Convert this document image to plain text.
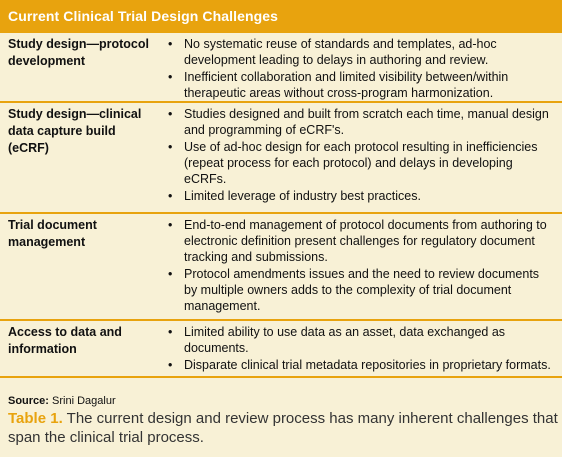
Current Clinical Trial Design Challenges
Study design—protocol development
• No systematic reuse of standards and templates, ad-hoc development leading to delays in authoring and review.
• Inefficient collaboration and limited visibility between/within therapeutic areas without cross-program harmonization.
Study design—clinical data capture build (eCRF)
• Studies designed and built from scratch each time, manual design and programming of eCRF's.
• Use of ad-hoc design for each protocol resulting in inefficiencies (repeat process for each protocol) and delays in developing eCRFs.
• Limited leverage of industry best practices.
Trial document management
• End-to-end management of protocol documents from authoring to electronic definition present challenges for regulatory document tracking and submissions.
• Protocol amendments issues and the need to review documents by multiple owners adds to the complexity of trial document management.
Access to data and information
• Limited ability to use data as an asset, data exchanged as documents.
• Disparate clinical trial metadata repositories in proprietary formats.
Source: Srini Dagalur
Table 1. The current design and review process has many inherent challenges that span the clinical trial process.
